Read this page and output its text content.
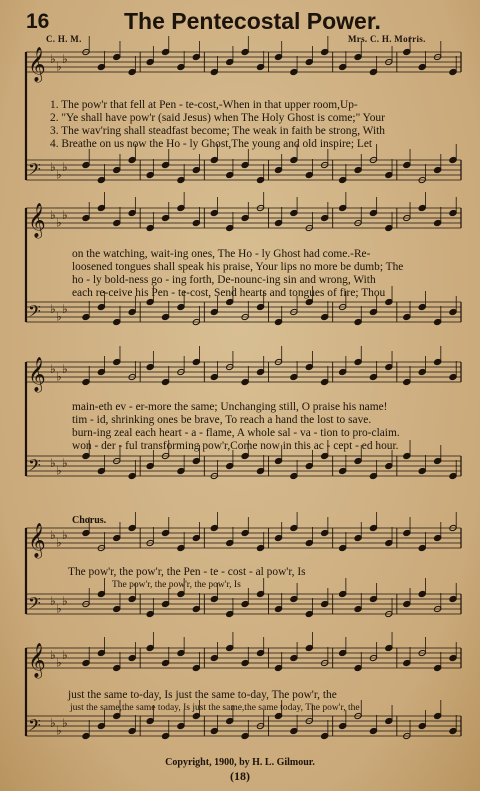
16	The Pentecostal Power.
C. H. M.	Mrs. C. H. Morris.
𝄞 ♭
♭
♭
𝄢 ♭
♭
♭
𝄞 ♭
♭
♭
𝄢 ♭
♭
♭
𝄞 ♭
♭
♭
𝄢 ♭
♭
♭
𝄞 ♭
♭
♭
𝄢 ♭
♭
♭
𝄞 ♭
♭
♭
𝄢 ♭
♭
♭
1. The pow'r that fell at Pen - te-cost,-When in that upper room,Up-
2. "Ye shall have pow'r (said Jesus) when The Holy Ghost is come;" Your
3. The wav'ring shall steadfast become; The weak in faith be strong, With
4. Breathe on us now the Ho - ly Ghost,The young and old inspire; Let
on the watching, wait-ing ones, The Ho - ly Ghost had come.-Re-
loosened tongues shall speak his praise, Your lips no more be dumb; The
ho - ly bold-ness go - ing forth, De-nounc-ing sin and wrong, With
each re-ceive his Pen - te-cost, Send hearts and tongues of fire; Thou
main-eth ev - er-more the same; Unchanging still, O praise his name!
tim - id, shrinking ones be brave, To reach a hand the lost to save.
burn-ing zeal each heart - a - flame, A whole sal - va - tion to pro-claim.
won - der - ful transforming pow'r,Come now in this ac - cept - ed hour.
Chorus.
The pow'r, the pow'r, the Pen - te - cost - al pow'r, Is
The pow'r, the pow'r, the pow'r, Is
just the same to-day, Is just the same to-day, The pow'r, the
just the same,the same today, Is just the same,the same today, The pow'r, the
Copyright, 1900, by H. L. Gilmour.
(18)
